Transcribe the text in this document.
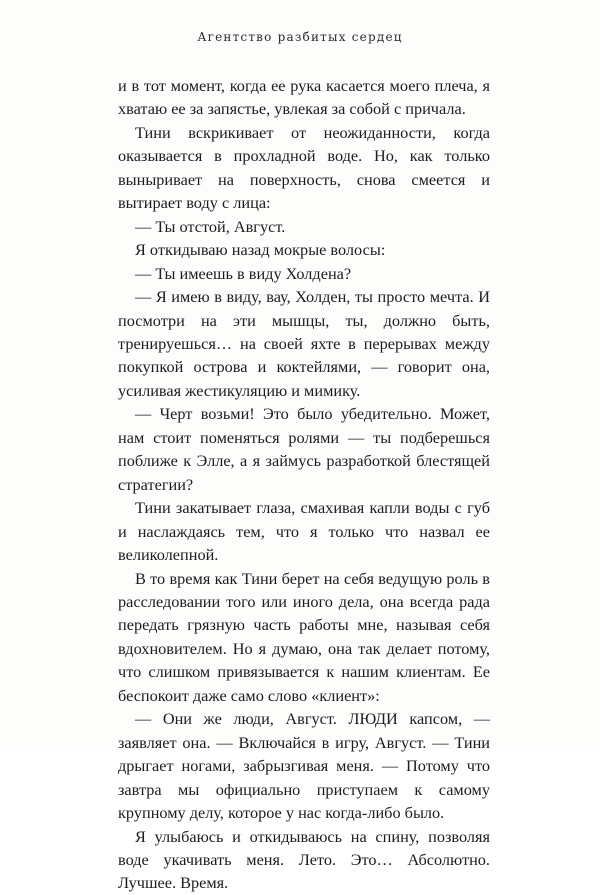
Агентство разбитых сердец

и в тот момент, когда ее рука касается моего плеча, я хватаю ее за запястье, увлекая за собой с причала.

Тини вскрикивает от неожиданности, когда оказывается в прохладной воде. Но, как только выныривает на поверхность, снова смеется и вытирает воду с лица:

— Ты отстой, Август.

Я откидываю назад мокрые волосы:

— Ты имеешь в виду Холдена?

— Я имею в виду, вау, Холден, ты просто мечта. И посмотри на эти мышцы, ты, должно быть, тренируешься… на своей яхте в перерывах между покупкой острова и коктейлями, — говорит она, усиливая жестикуляцию и мимику.

— Черт возьми! Это было убедительно. Может, нам стоит поменяться ролями — ты подберешься поближе к Элле, а я займусь разработкой блестящей стратегии?

Тини закатывает глаза, смахивая капли воды с губ и наслаждаясь тем, что я только что назвал ее великолепной.

В то время как Тини берет на себя ведущую роль в расследовании того или иного дела, она всегда рада передать грязную часть работы мне, называя себя вдохновителем. Но я думаю, она так делает потому, что слишком привязывается к нашим клиентам. Ее беспокоит даже само слово «клиент»:

— Они же люди, Август. ЛЮДИ капсом, — заявляет она. — Включайся в игру, Август. — Тини дрыгает ногами, забрызгивая меня. — Потому что завтра мы официально приступаем к самому крупному делу, которое у нас когда-либо было.

Я улыбаюсь и откидываюсь на спину, позволяя воде укачивать меня. Лето. Это… Абсолютно. Лучшее. Время.
